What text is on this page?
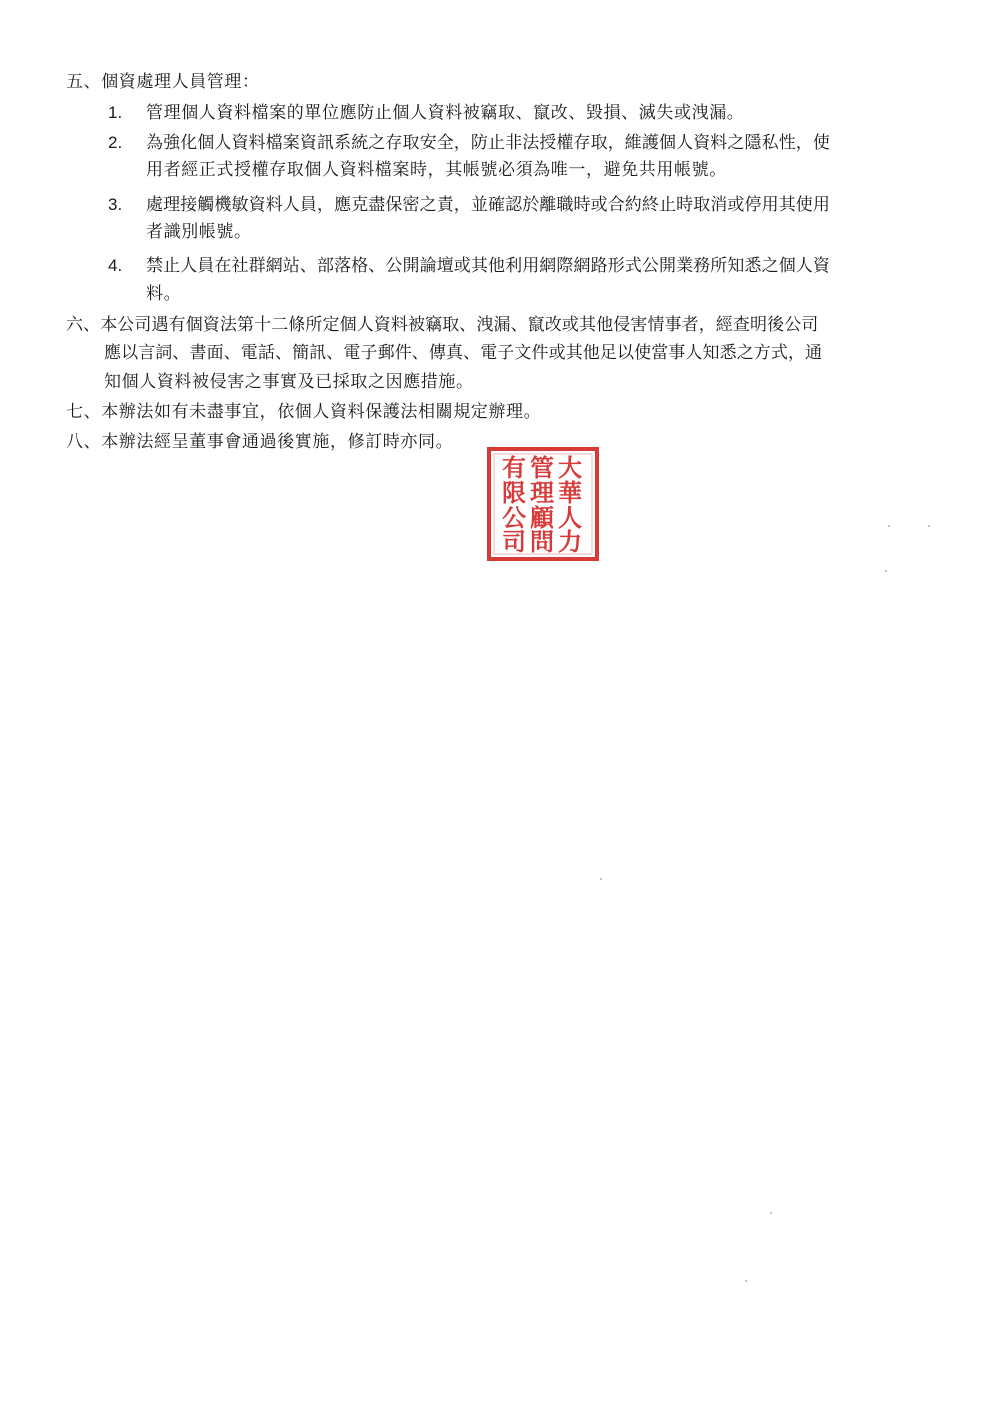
五、個資處理人員管理：
1. 管理個人資料檔案的單位應防止個人資料被竊取、竄改、毀損、滅失或洩漏。
2. 為強化個人資料檔案資訊系統之存取安全，防止非法授權存取，維護個人資料之隱私性，使
用者經正式授權存取個人資料檔案時，其帳號必須為唯一，避免共用帳號。
3. 處理接觸機敏資料人員，應克盡保密之責，並確認於離職時或合約終止時取消或停用其使用
者識別帳號。
4. 禁止人員在社群網站、部落格、公開論壇或其他利用網際網路形式公開業務所知悉之個人資
料。
六、本公司遇有個資法第十二條所定個人資料被竊取、洩漏、竄改或其他侵害情事者，經查明後公司
應以言詞、書面、電話、簡訊、電子郵件、傳真、電子文件或其他足以使當事人知悉之方式，通
知個人資料被侵害之事實及已採取之因應措施。
七、本辦法如有未盡事宜，依個人資料保護法相關規定辦理。
八、本辦法經呈董事會通過後實施，修訂時亦同。
大
華
人
力
管
理
顧
問
有
限
公
司
